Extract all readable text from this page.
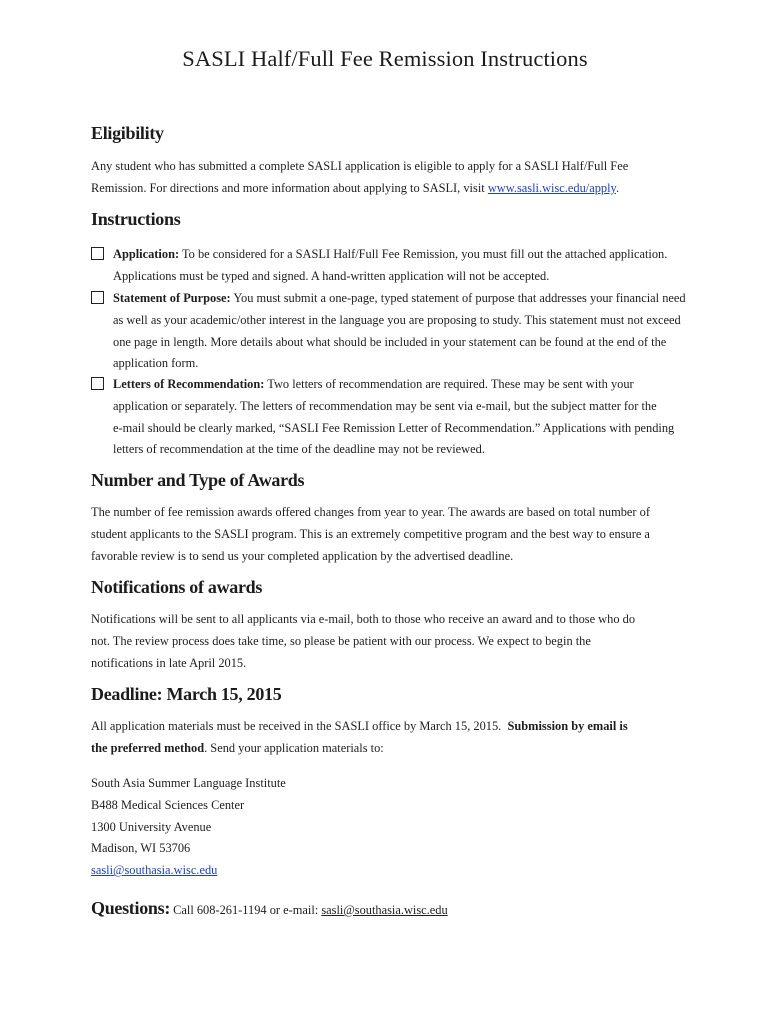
SASLI Half/Full Fee Remission Instructions
Eligibility

Any student who has submitted a complete SASLI application is eligible to apply for a SASLI Half/Full Fee
Remission. For directions and more information about applying to SASLI, visit www.sasli.wisc.edu/apply.

Instructions

Application: To be considered for a SASLI Half/Full Fee Remission, you must fill out the attached application.
Applications must be typed and signed. A hand-written application will not be accepted.

Statement of Purpose: You must submit a one-page, typed statement of purpose that addresses your financial need
as well as your academic/other interest in the language you are proposing to study. This statement must not exceed
one page in length. More details about what should be included in your statement can be found at the end of the
application form.

Letters of Recommendation: Two letters of recommendation are required. These may be sent with your
application or separately. The letters of recommendation may be sent via e-mail, but the subject matter for the
e-mail should be clearly marked, “SASLI Fee Remission Letter of Recommendation.” Applications with pending
letters of recommendation at the time of the deadline may not be reviewed.

Number and Type of Awards

The number of fee remission awards offered changes from year to year. The awards are based on total number of
student applicants to the SASLI program. This is an extremely competitive program and the best way to ensure a
favorable review is to send us your completed application by the advertised deadline.

Notifications of awards

Notifications will be sent to all applicants via e-mail, both to those who receive an award and to those who do
not. The review process does take time, so please be patient with our process. We expect to begin the
notifications in late April 2015.

Deadline: March 15, 2015

All application materials must be received in the SASLI office by March 15, 2015.  Submission by email is
the preferred method. Send your application materials to:

South Asia Summer Language Institute
B488 Medical Sciences Center
1300 University Avenue
Madison, WI 53706
sasli@southasia.wisc.edu

Questions: Call 608-261-1194 or e-mail: sasli@southasia.wisc.edu
